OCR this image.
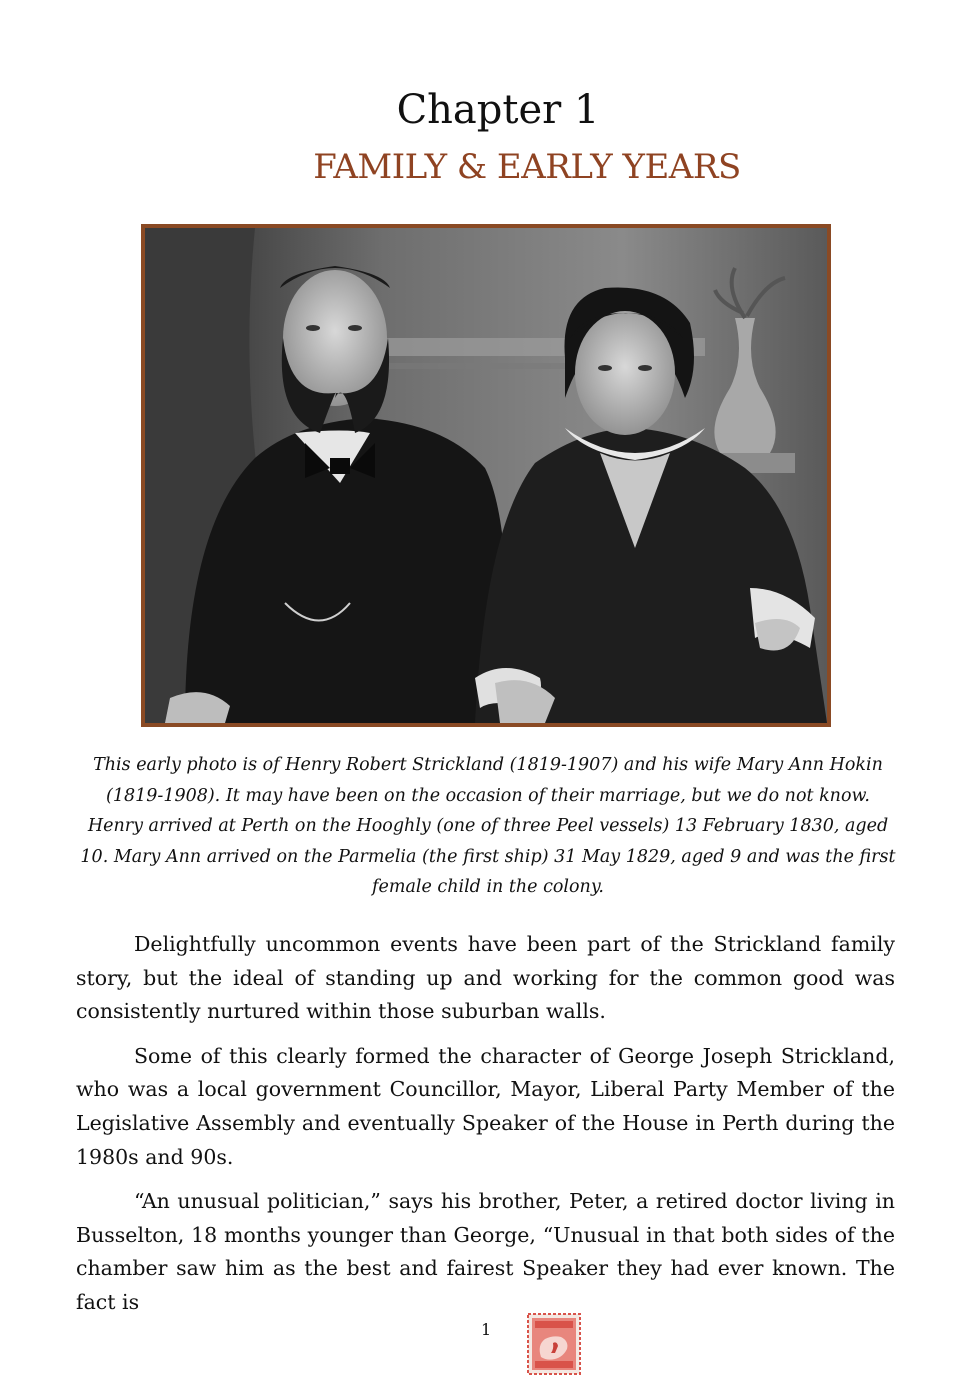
Chapter 1
FAMILY & EARLY YEARS
This early photo is of Henry Robert Strickland (1819-1907) and his wife Mary Ann Hokin (1819-1908). It may have been on the occasion of their marriage, but we do not know. Henry arrived at Perth on the Hooghly (one of three Peel vessels) 13 February 1830, aged 10. Mary Ann arrived on the Parmelia (the first ship) 31 May 1829, aged 9 and was the first female child in the colony.

Delightfully uncommon events have been part of the Strickland family story, but the ideal of standing up and working for the common good was consistently nurtured within those suburban walls.

Some of this clearly formed the character of George Joseph Strickland, who was a local government Councillor, Mayor, Liberal Party Member of the Legislative Assembly and eventually Speaker of the House in Perth during the 1980s and 90s.

“An unusual politician,” says his brother, Peter, a retired doctor living in Busselton, 18 months younger than George, “Unusual in that both sides of the chamber saw him as the best and fairest Speaker they had ever known. The fact is

1
